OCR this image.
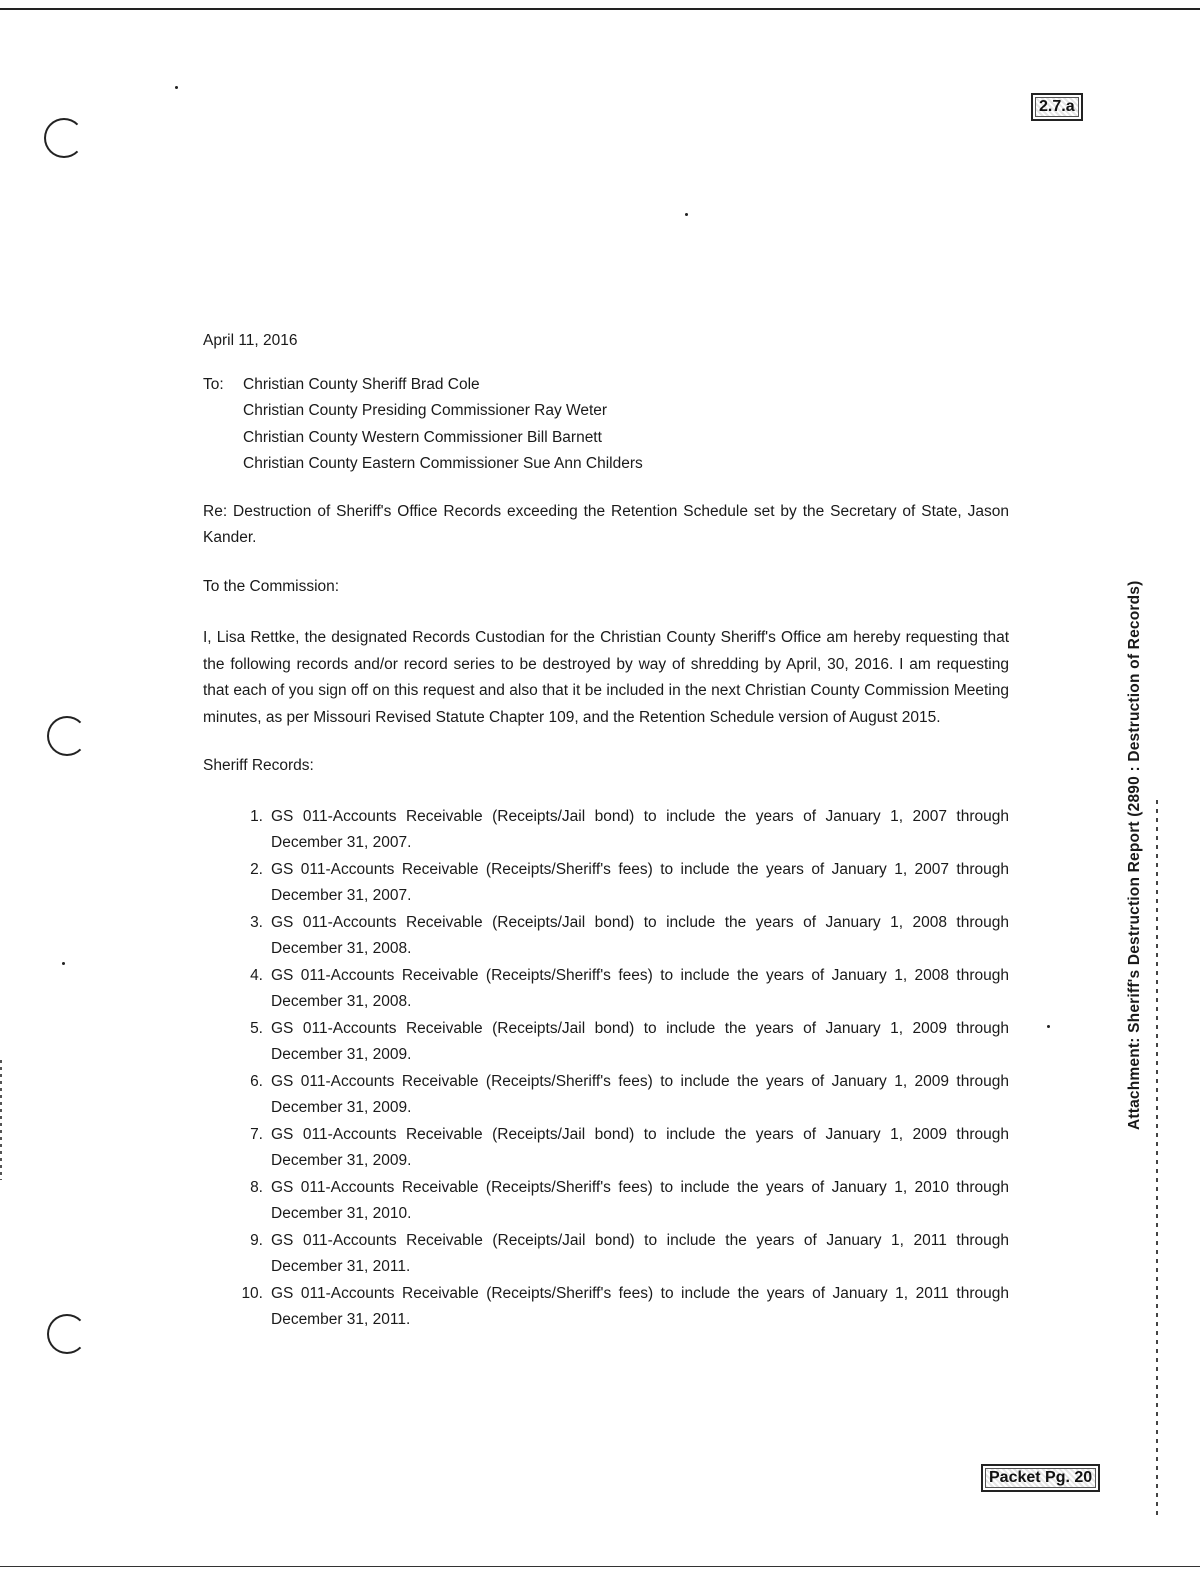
2.7.a
Attachment: Sheriff's Destruction Report (2890 : Destruction of Records)
Packet Pg. 20

April 11, 2016

To:	Christian County Sheriff Brad Cole
Christian County Presiding Commissioner Ray Weter
Christian County Western Commissioner Bill Barnett
Christian County Eastern Commissioner Sue Ann Childers

Re: Destruction of Sheriff's Office Records exceeding the Retention Schedule set by the Secretary of State, Jason Kander.

To the Commission:

I, Lisa Rettke, the designated Records Custodian for the Christian County Sheriff's Office am hereby requesting that the following records and/or record series to be destroyed by way of shredding by April, 30, 2016. I am requesting that each of you sign off on this request and also that it be included in the next Christian County Commission Meeting minutes, as per Missouri Revised Statute Chapter 109, and the Retention Schedule version of August 2015.

Sheriff Records:

1. GS 011-Accounts Receivable (Receipts/Jail bond) to include the years of January 1, 2007 through December 31, 2007.
2. GS 011-Accounts Receivable (Receipts/Sheriff's fees) to include the years of January 1, 2007 through December 31, 2007.
3. GS 011-Accounts Receivable (Receipts/Jail bond) to include the years of January 1, 2008 through December 31, 2008.
4. GS 011-Accounts Receivable (Receipts/Sheriff's fees) to include the years of January 1, 2008 through December 31, 2008.
5. GS 011-Accounts Receivable (Receipts/Jail bond) to include the years of January 1, 2009 through December 31, 2009.
6. GS 011-Accounts Receivable (Receipts/Sheriff's fees) to include the years of January 1, 2009 through December 31, 2009.
7. GS 011-Accounts Receivable (Receipts/Jail bond) to include the years of January 1, 2009 through December 31, 2009.
8. GS 011-Accounts Receivable (Receipts/Sheriff's fees) to include the years of January 1, 2010 through December 31, 2010.
9. GS 011-Accounts Receivable (Receipts/Jail bond) to include the years of January 1, 2011 through December 31, 2011.
10. GS 011-Accounts Receivable (Receipts/Sheriff's fees) to include the years of January 1, 2011 through December 31, 2011.
